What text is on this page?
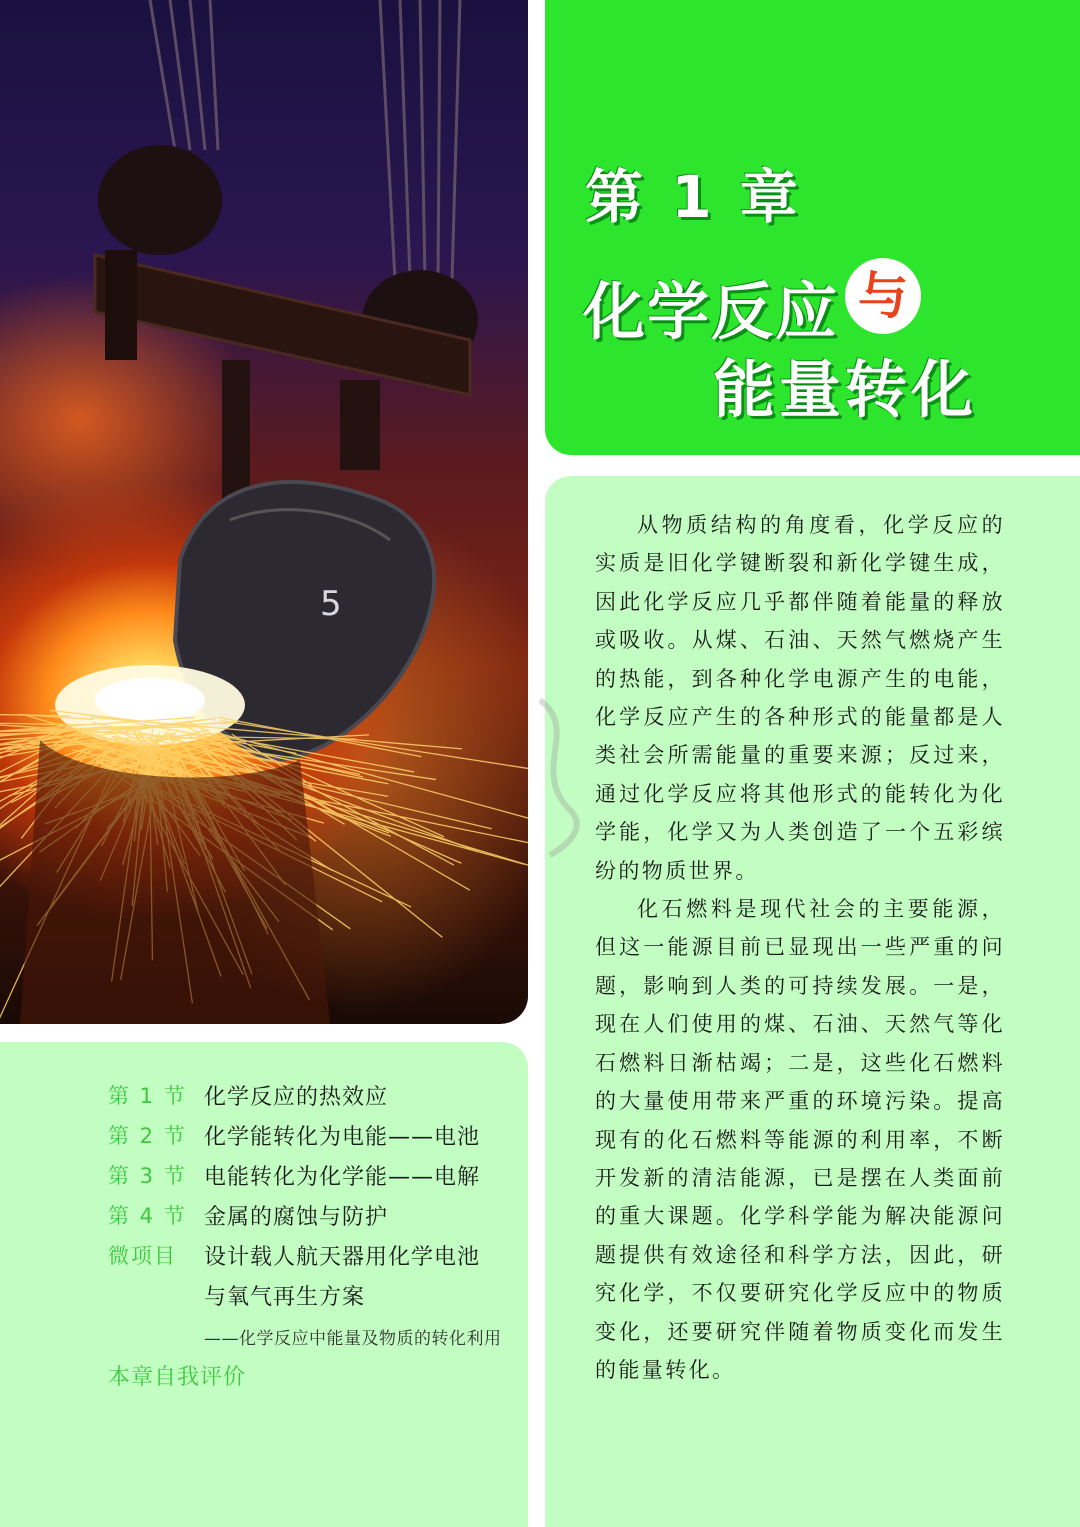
5
第 1 章
化学反应 与
能量转化

从物质结构的角度看，化学反应的实质是旧化学键断裂和新化学键生成，因此化学反应几乎都伴随着能量的释放或吸收。从煤、石油、天然气燃烧产生的热能，到各种化学电源产生的电能，化学反应产生的各种形式的能量都是人类社会所需能量的重要来源；反过来，通过化学反应将其他形式的能转化为化学能，化学又为人类创造了一个五彩缤纷的物质世界。

化石燃料是现代社会的主要能源，但这一能源目前已显现出一些严重的问题，影响到人类的可持续发展。一是，现在人们使用的煤、石油、天然气等化石燃料日渐枯竭；二是，这些化石燃料的大量使用带来严重的环境污染。提高现有的化石燃料等能源的利用率，不断开发新的清洁能源，已是摆在人类面前的重大课题。化学科学能为解决能源问题提供有效途径和科学方法，因此，研究化学，不仅要研究化学反应中的物质变化，还要研究伴随着物质变化而发生的能量转化。

第 1 节 化学反应的热效应
第 2 节 化学能转化为电能——电池
第 3 节 电能转化为化学能——电解
第 4 节 金属的腐蚀与防护
微项目 设计载人航天器用化学电池
与氧气再生方案
——化学反应中能量及物质的转化利用
本章自我评价
